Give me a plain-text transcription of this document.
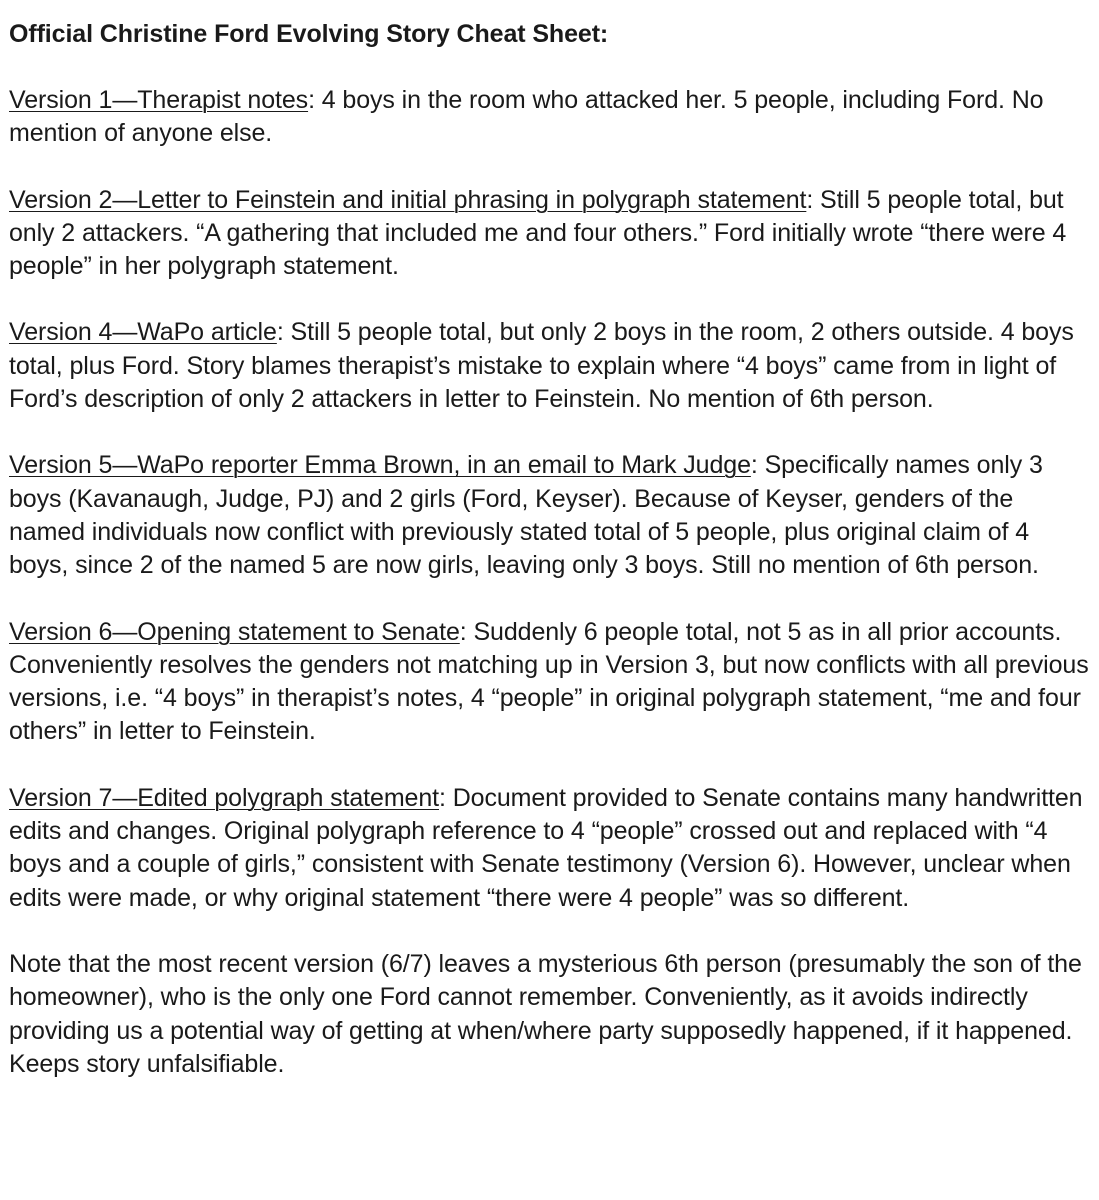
Official Christine Ford Evolving Story Cheat Sheet:
Version 1—Therapist notes: 4 boys in the room who attacked her. 5 people, including Ford. No mention of anyone else.
Version 2—Letter to Feinstein and initial phrasing in polygraph statement: Still 5 people total, but only 2 attackers. “A gathering that included me and four others.” Ford initially wrote “there were 4 people” in her polygraph statement.
Version 4—WaPo article: Still 5 people total, but only 2 boys in the room, 2 others outside. 4 boys total, plus Ford. Story blames therapist’s mistake to explain where “4 boys” came from in light of Ford’s description of only 2 attackers in letter to Feinstein. No mention of 6th person.
Version 5—WaPo reporter Emma Brown, in an email to Mark Judge: Specifically names only 3 boys (Kavanaugh, Judge, PJ) and 2 girls (Ford, Keyser). Because of Keyser, genders of the named individuals now conflict with previously stated total of 5 people, plus original claim of 4 boys, since 2 of the named 5 are now girls, leaving only 3 boys. Still no mention of 6th person.
Version 6—Opening statement to Senate: Suddenly 6 people total, not 5 as in all prior accounts. Conveniently resolves the genders not matching up in Version 3, but now conflicts with all previous versions, i.e. “4 boys” in therapist’s notes, 4 “people” in original polygraph statement, “me and four others” in letter to Feinstein.
Version 7—Edited polygraph statement: Document provided to Senate contains many handwritten edits and changes. Original polygraph reference to 4 “people” crossed out and replaced with “4 boys and a couple of girls,” consistent with Senate testimony (Version 6). However, unclear when edits were made, or why original statement “there were 4 people” was so different.
Note that the most recent version (6/7) leaves a mysterious 6th person (presumably the son of the homeowner), who is the only one Ford cannot remember. Conveniently, as it avoids indirectly providing us a potential way of getting at when/where party supposedly happened, if it happened. Keeps story unfalsifiable.
